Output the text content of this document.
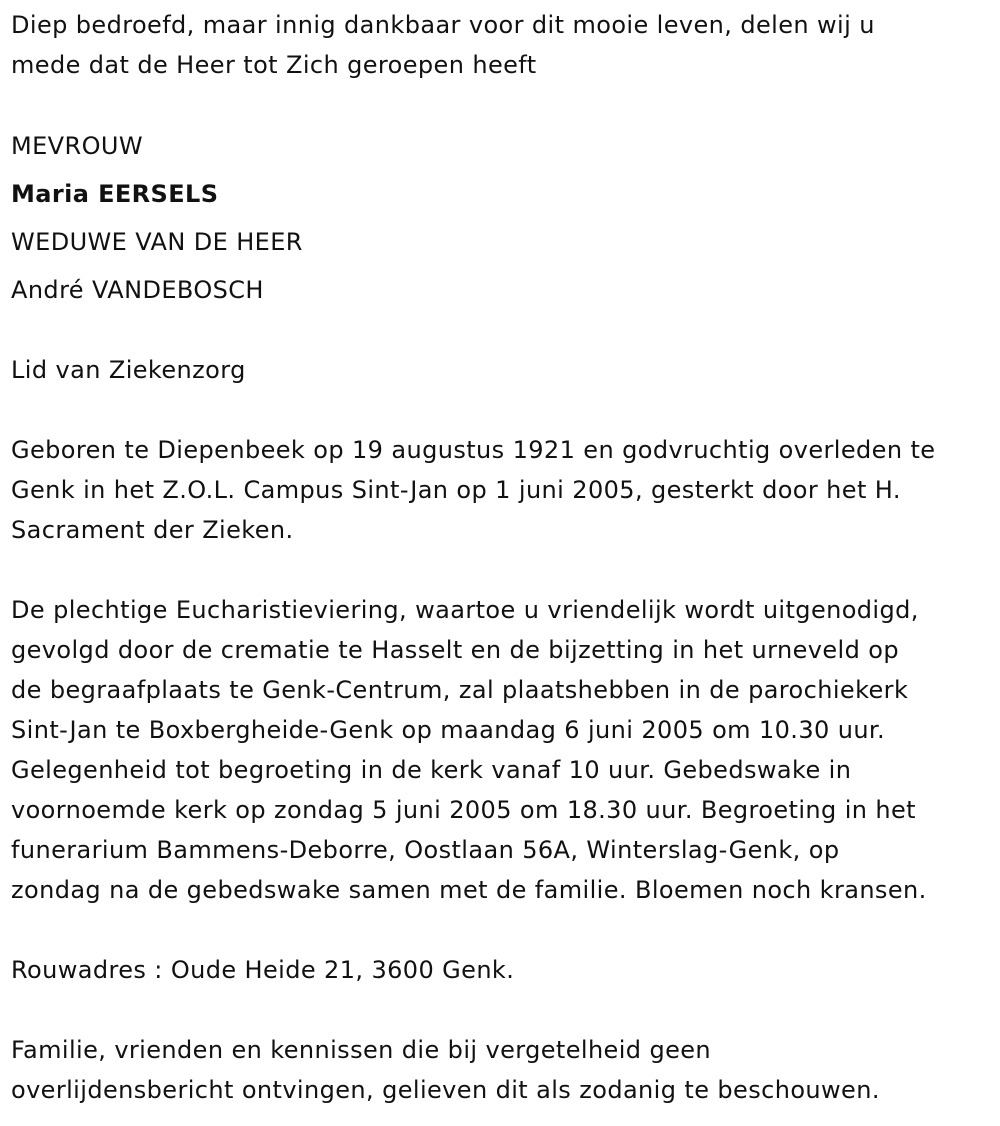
Diep bedroefd, maar innig dankbaar voor dit mooie leven, delen wij u
mede dat de Heer tot Zich geroepen heeft

MEVROUW
Maria EERSELS
WEDUWE VAN DE HEER
André VANDEBOSCH

Lid van Ziekenzorg

Geboren te Diepenbeek op 19 augustus 1921 en godvruchtig overleden te
Genk in het Z.O.L. Campus Sint-Jan op 1 juni 2005, gesterkt door het H.
Sacrament der Zieken.

De plechtige Eucharistieviering, waartoe u vriendelijk wordt uitgenodigd,
gevolgd door de crematie te Hasselt en de bijzetting in het urneveld op
de begraafplaats te Genk-Centrum, zal plaatshebben in de parochiekerk
Sint-Jan te Boxbergheide-Genk op maandag 6 juni 2005 om 10.30 uur.
Gelegenheid tot begroeting in de kerk vanaf 10 uur. Gebedswake in
voornoemde kerk op zondag 5 juni 2005 om 18.30 uur. Begroeting in het
funerarium Bammens-Deborre, Oostlaan 56A, Winterslag-Genk, op
zondag na de gebedswake samen met de familie. Bloemen noch kransen.

Rouwadres : Oude Heide 21, 3600 Genk.

Familie, vrienden en kennissen die bij vergetelheid geen
overlijdensbericht ontvingen, gelieven dit als zodanig te beschouwen.
